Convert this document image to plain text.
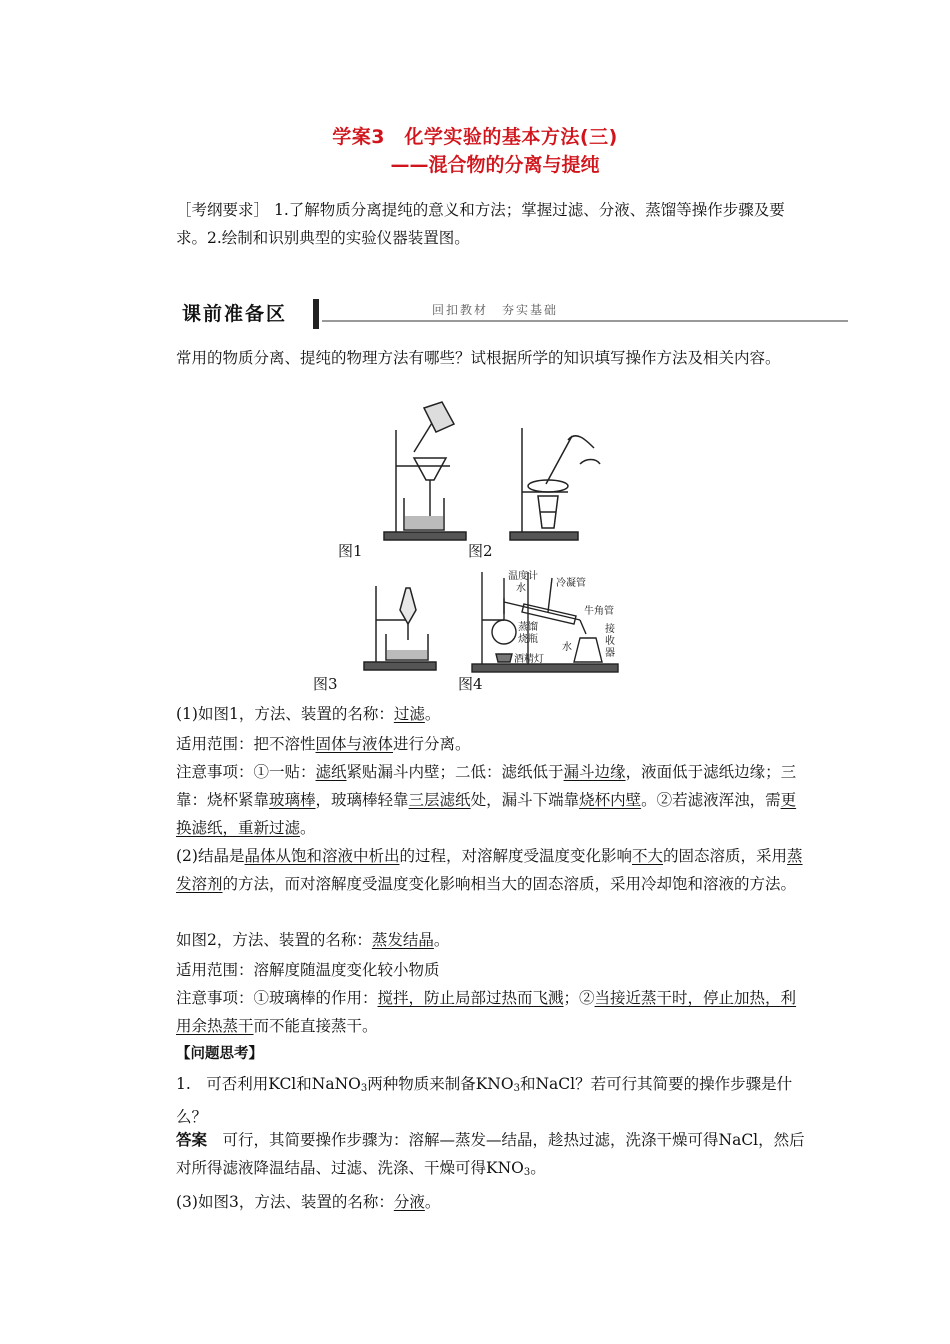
学案3　化学实验的基本方法(三)
——混合物的分离与提纯
［考纲要求］ 1.了解物质分离提纯的意义和方法；掌握过滤、分液、蒸馏等操作步骤及要求。2.绘制和识别典型的实验仪器装置图。
课前准备区	回扣教材　夯实基础
常用的物质分离、提纯的物理方法有哪些？试根据所学的知识填写操作方法及相关内容。
图1	图2
图3
温度计
水	冷凝管
牛角管
蒸馏
烧瓶
水
接
收
器
酒精灯
图4
(1)如图1，方法、装置的名称：过滤。
适用范围：把不溶性固体与液体进行分离。
注意事项：①一贴：滤纸紧贴漏斗内壁；二低：滤纸低于漏斗边缘，液面低于滤纸边缘；三靠：烧杯紧靠玻璃棒，玻璃棒轻靠三层滤纸处，漏斗下端靠烧杯内壁。②若滤液浑浊，需更换滤纸，重新过滤。
(2)结晶是晶体从饱和溶液中析出的过程，对溶解度受温度变化影响不大的固态溶质，采用蒸发溶剂的方法，而对溶解度受温度变化影响相当大的固态溶质，采用冷却饱和溶液的方法。
如图2，方法、装置的名称：蒸发结晶。
适用范围：溶解度随温度变化较小物质
注意事项：①玻璃棒的作用：搅拌，防止局部过热而飞溅；②当接近蒸干时，停止加热，利用余热蒸干而不能直接蒸干。
【问题思考】
1.　可否利用KCl和NaNO$_3$两种物质来制备$KNO_3$和NaCl？若可行其简要的操作步骤是什么？
答案　可行，其简要操作步骤为：溶解—蒸发—结晶，趁热过滤，洗涤干燥可得NaCl，然后对所得滤液降温结晶、过滤、洗涤、干燥可得$KNO_3$。
(3)如图3，方法、装置的名称：分液。
